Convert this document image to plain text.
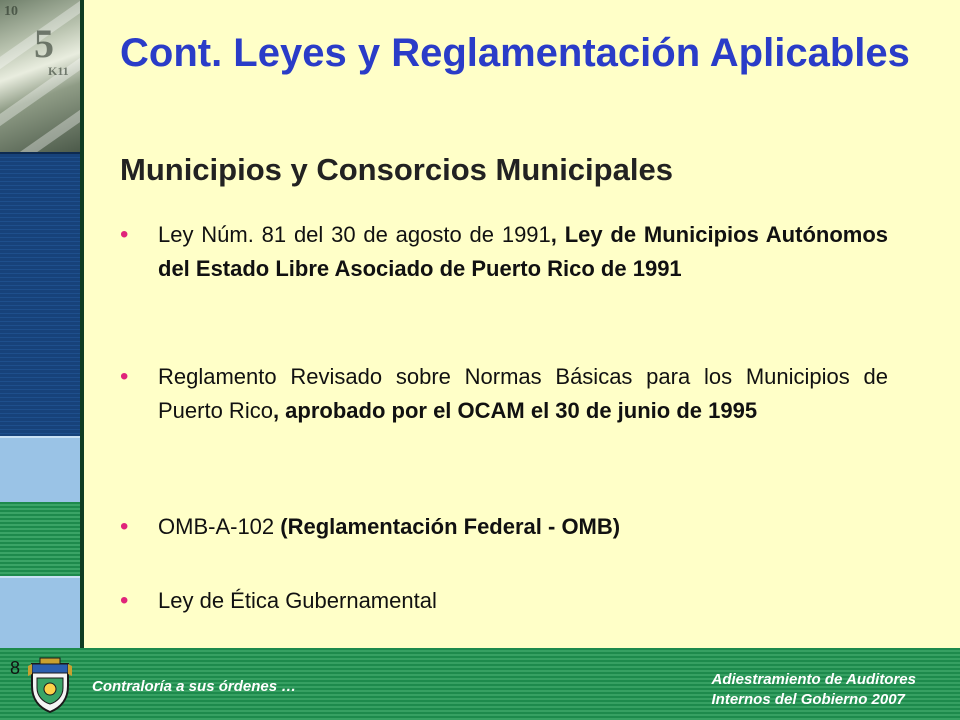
5
10
K11 Cont. Leyes y Reglamentación Aplicables
Municipios y Consorcios Municipales
• Ley Núm. 81 del 30 de agosto de 1991, Ley de Municipios Autónomos del Estado Libre Asociado de Puerto Rico de 1991
• Reglamento Revisado sobre Normas Básicas para los Municipios de Puerto Rico, aprobado por el OCAM el 30 de junio de 1995
• OMB-A-102 (Reglamentación Federal - OMB)
• Ley de Ética Gubernamental
8
Contraloría a sus órdenes …	Adiestramiento de Auditores
Internos del Gobierno 2007
